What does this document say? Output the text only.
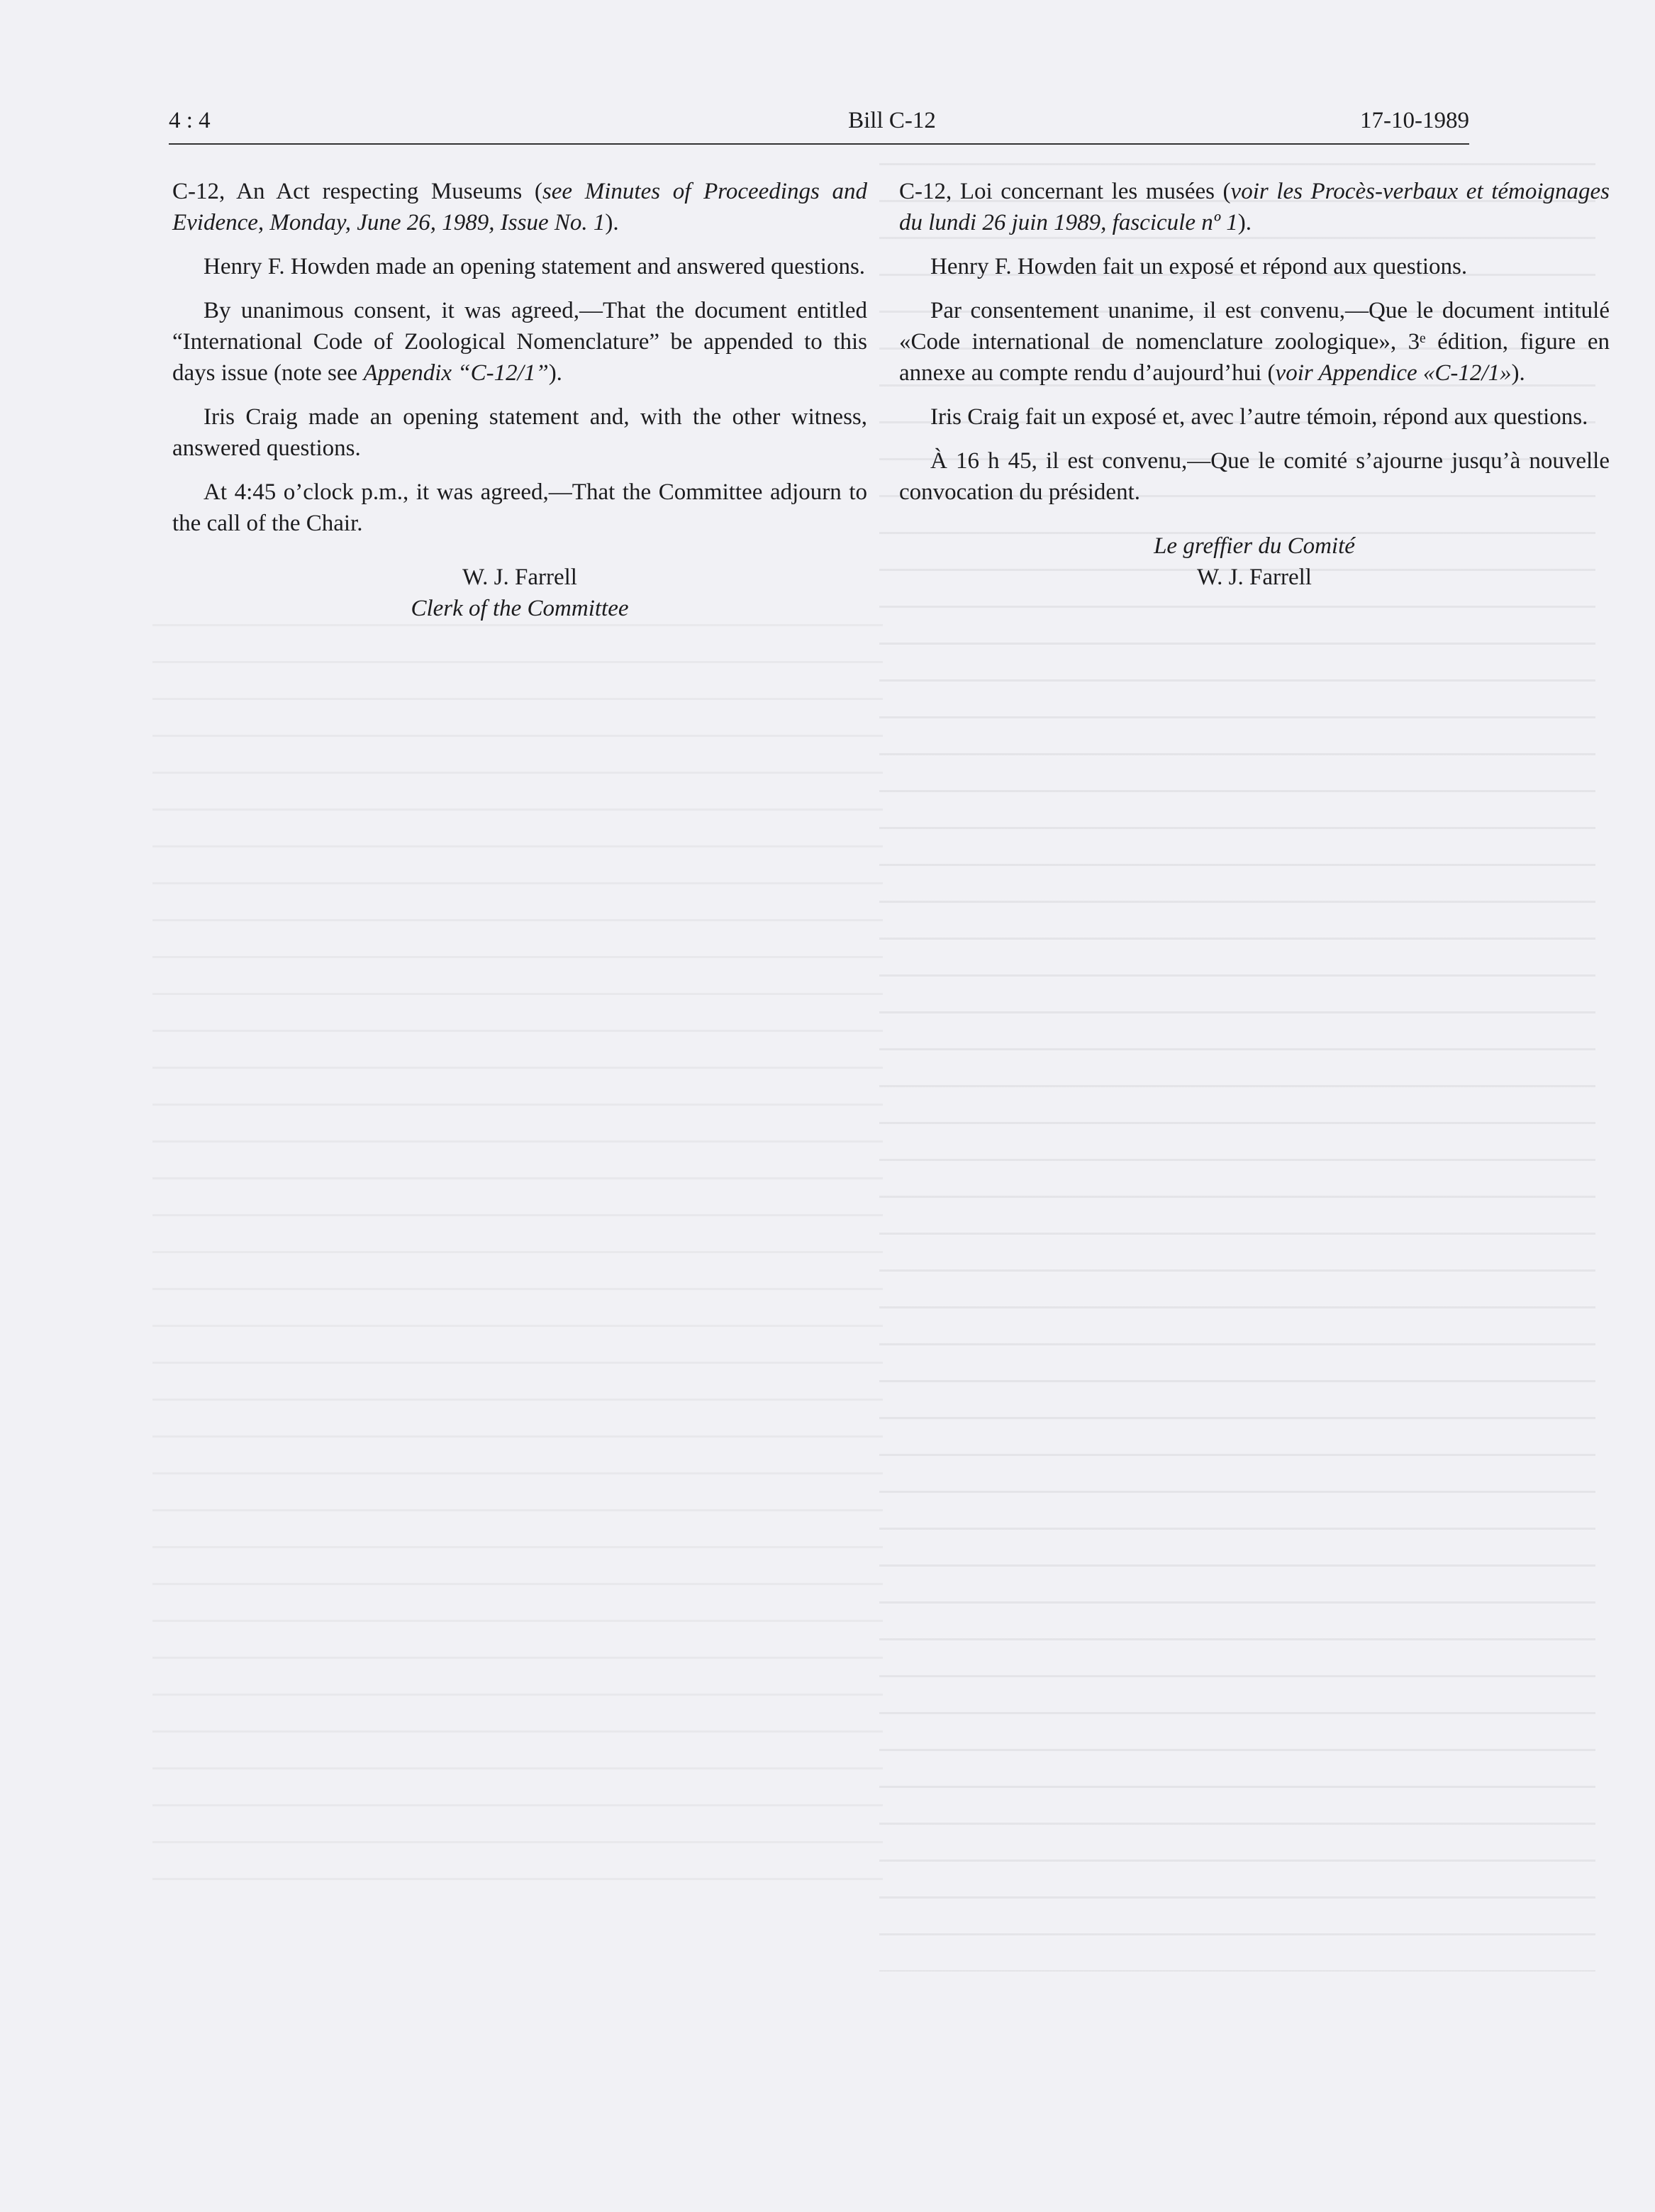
4 : 4	Bill C-12	17-10-1989

C-12, An Act respecting Museums (see Minutes of Proceedings and Evidence, Monday, June 26, 1989, Issue No. 1).

Henry F. Howden made an opening statement and answered questions.

By unanimous consent, it was agreed,—That the document entitled “International Code of Zoological Nomenclature” be appended to this days issue (note see Appendix “C-12/1”).

Iris Craig made an opening statement and, with the other witness, answered questions.

At 4:45 o’clock p.m., it was agreed,—That the Committee adjourn to the call of the Chair.

W. J. Farrell

Clerk of the Committee

C-12, Loi concernant les musées (voir les Procès-verbaux et témoignages du lundi 26 juin 1989, fascicule nº 1).

Henry F. Howden fait un exposé et répond aux questions.

Par consentement unanime, il est convenu,—Que le document intitulé «Code international de nomenclature zoologique», 3ᵉ édition, figure en annexe au compte rendu d’aujourd’hui (voir Appendice «C-12/1»).

Iris Craig fait un exposé et, avec l’autre témoin, répond aux questions.

À 16 h 45, il est convenu,—Que le comité s’ajourne jusqu’à nouvelle convocation du président.

Le greffier du Comité

W. J. Farrell
